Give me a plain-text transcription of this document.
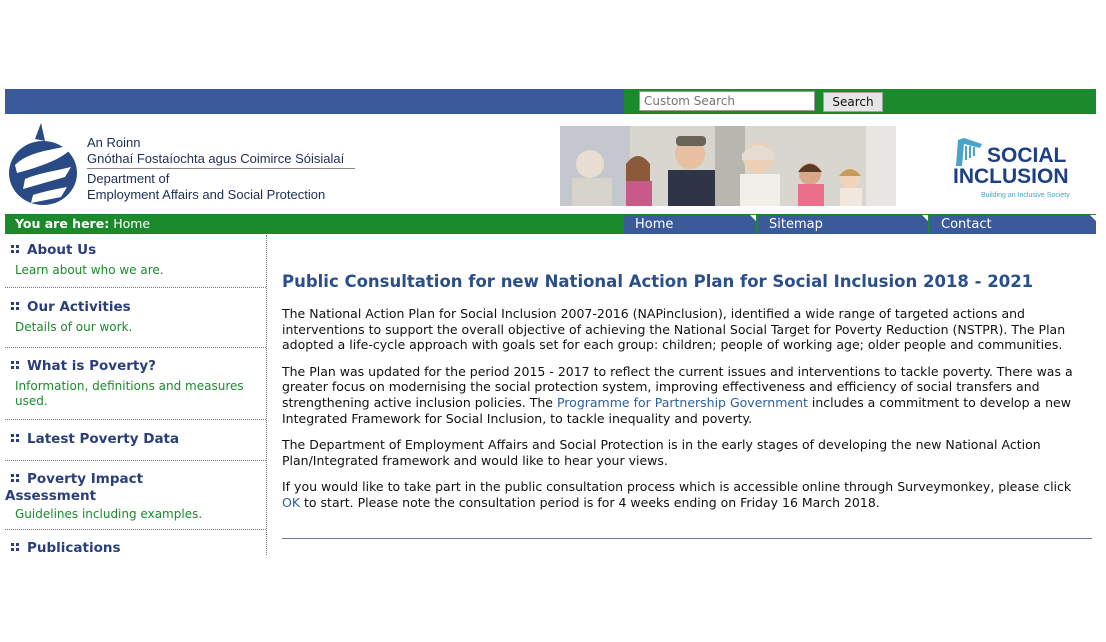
Custom Search
Search
An Roinn
Gnóthaí Fostaíochta agus Coimirce Sóisialaí
Department of
Employment Affairs and Social Protection
SOCIAL
INCLUSION
Building an Inclusive Society
You are here: Home	Home	Sitemap	Contact
About Us
Learn about who we are.
Our Activities
Details of our work.
What is Poverty?
Information, definitions and measures used.
Latest Poverty Data
Poverty Impact Assessment
Guidelines including examples.
Publications
Public Consultation for new National Action Plan for Social Inclusion 2018 - 2021

The National Action Plan for Social Inclusion 2007-2016 (NAPinclusion), identified a wide range of targeted actions and interventions to support the overall objective of achieving the National Social Target for Poverty Reduction (NSTPR). The Plan adopted a life-cycle approach with goals set for each group: children; people of working age; older people and communities.

The Plan was updated for the period 2015 - 2017 to reflect the current issues and interventions to tackle poverty. There was a greater focus on modernising the social protection system, improving effectiveness and efficiency of social transfers and strengthening active inclusion policies. The Programme for Partnership Government includes a commitment to develop a new Integrated Framework for Social Inclusion, to tackle inequality and poverty.

The Department of Employment Affairs and Social Protection is in the early stages of developing the new National Action Plan/Integrated framework and would like to hear your views.

If you would like to take part in the public consultation process which is accessible online through Surveymonkey, please click OK to start. Please note the consultation period is for 4 weeks ending on Friday 16 March 2018.
